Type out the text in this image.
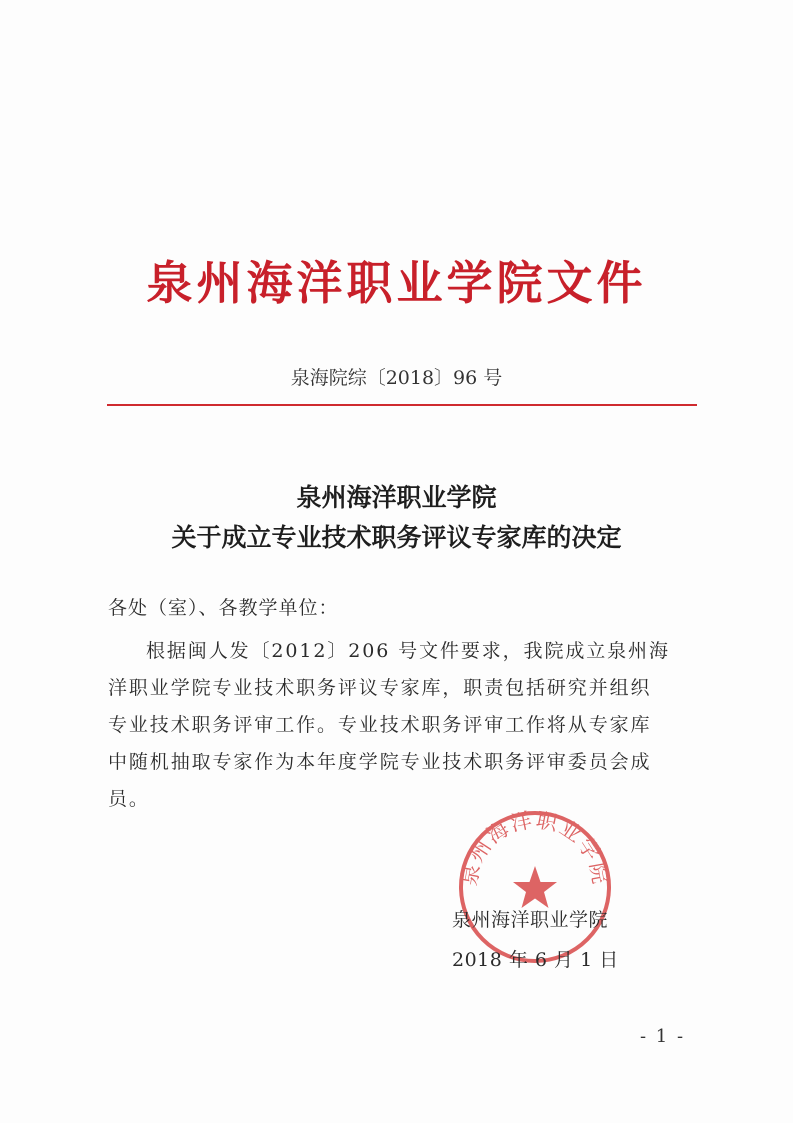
泉州海洋职业学院文件
泉海院综〔2018〕96 号
泉州海洋职业学院
关于成立专业技术职务评议专家库的决定
各处（室）、各教学单位：
根据闽人发〔2012〕206 号文件要求，我院成立泉州海
洋职业学院专业技术职务评议专家库，职责包括研究并组织
专业技术职务评审工作。专业技术职务评审工作将从专家库
中随机抽取专家作为本年度学院专业技术职务评审委员会成
员。
泉州海洋职业学院
泉州海洋职业学院
2018 年 6 月 1 日
- 1 -
